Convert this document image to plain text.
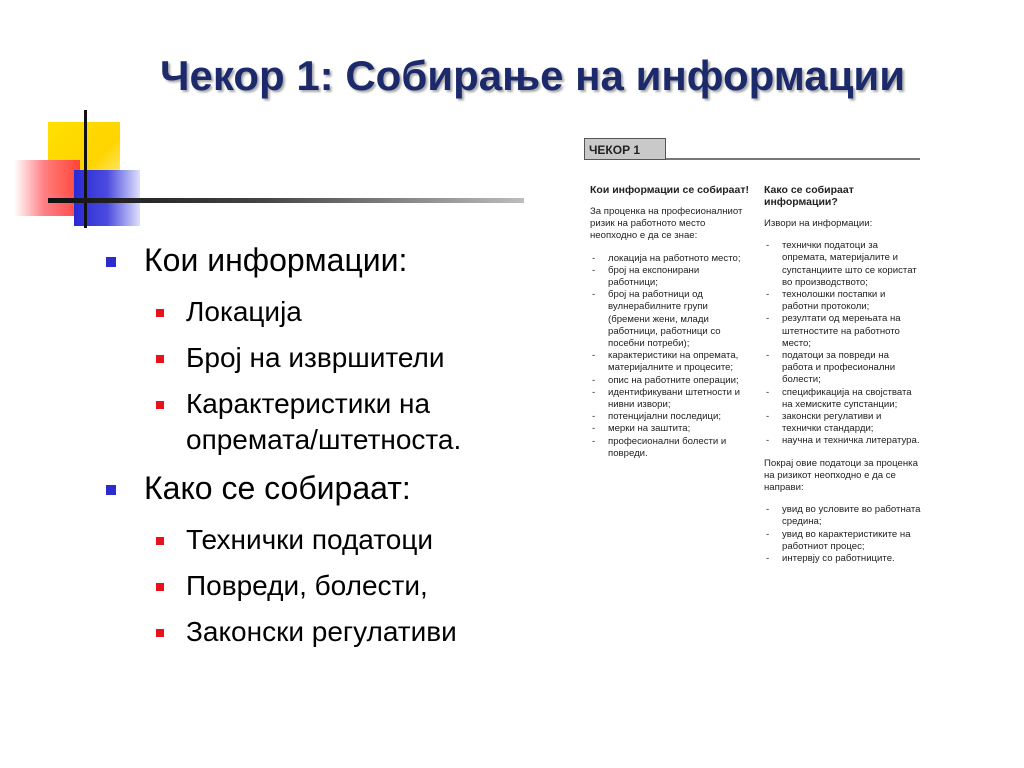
Чекор 1: Собирање на информации
Кои информации:
Локација
Број на извршители
Карактеристики на опремата/штетноста.
Како се собираат:
Технички податоци
Повреди, болести,
Законски регулативи
ЧЕКОР 1
Кои информации се собираат!

За проценка на професионалниот ризик на работното место неопходно е да се знае:

- локација на работното место;
- број на експонирани работници;
- број на работници од вулнерабилните групи (бремени жени, млади работници, работници со посебни потреби);
- карактеристики на опремата, материјалните и процесите;
- опис на работните операции;
- идентификувани штетности и нивни извори;
- потенцијални последици;
- мерки на заштита;
- професионални болести и повреди.
Како се собираат информации?

Извори на информации:

- технички податоци за опремата, материјалите и супстанциите што се користат во производството;
- технолошки постапки и работни протоколи;
- резултати од мерењата на штетностите на работното место;
- податоци за повреди на работа и професионални болести;
- спецификација на својствата на хемиските супстанции;
- законски регулативи и технички стандарди;
- научна и техничка литература.

Покрај овие податоци за проценка на ризикот неопходно е да се направи:

- увид во условите во работната средина;
- увид во карактеристиките на работниот процес;
- интервју со работниците.
